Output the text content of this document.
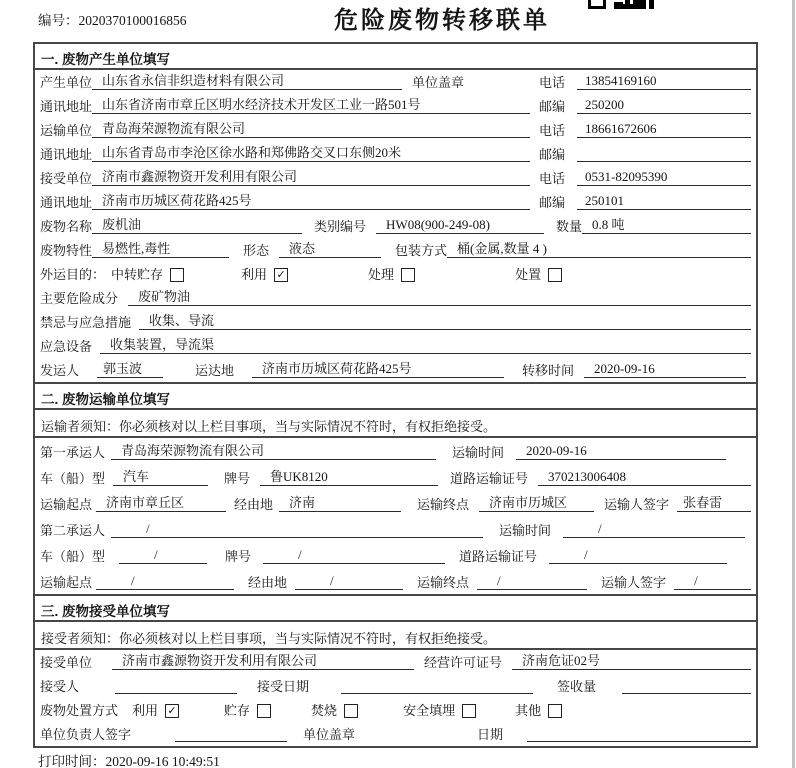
编号：2020370100016856	危险废物转移联单
一. 废物产生单位填写
产生单位 山东省永信非织造材料有限公司	单位盖章	电话	13854169160
通讯地址 山东省济南市章丘区明水经济技术开发区工业一路501号	邮编	250200
运输单位 青岛海荣源物流有限公司	电话	18661672606
通讯地址 山东省青岛市李沧区徐水路和郑佛路交叉口东侧20米	邮编
接受单位 济南市鑫源物资开发利用有限公司	电话	0531-82095390
通讯地址 济南市历城区荷花路425号	邮编	250101
废物名称 废机油	类别编号	HW08(900-249-08)	数量 0.8 吨
废物特性 易燃性,毒性	形态	液态	包装方式 桶(金属,数量 4 )
外运目的： 中转贮存	利用 ✓	处理	处置
主要危险成分	废矿物油
禁忌与应急措施	收集、导流
应急设备	收集装置，导流渠
发运人	郭玉波	运达地	济南市历城区荷花路425号	转移时间	2020-09-16
二. 废物运输单位填写
运输者须知：你必须核对以上栏目事项，当与实际情况不符时，有权拒绝接受。
第一承运人	青岛海荣源物流有限公司	运输时间	2020-09-16
车（船）型	汽车	牌号	鲁UK8120	道路运输证号	370213006408
运输起点	济南市章丘区	经由地	济南	运输终点	济南市历城区	运输人签字	张春雷
第二承运人	/	运输时间	/
车（船）型	/	牌号	/	道路运输证号	/
运输起点	/	经由地	/	运输终点	/	运输人签字	/
三. 废物接受单位填写
接受者须知：你必须核对以上栏目事项，当与实际情况不符时，有权拒绝接受。
接受单位	济南市鑫源物资开发利用有限公司	经营许可证号	济南危证02号
接受人	接受日期	签收量
废物处置方式 利用 ✓	贮存	焚烧	安全填埋	其他
单位负责人签字	单位盖章	日期
打印时间：2020-09-16 10:49:51
